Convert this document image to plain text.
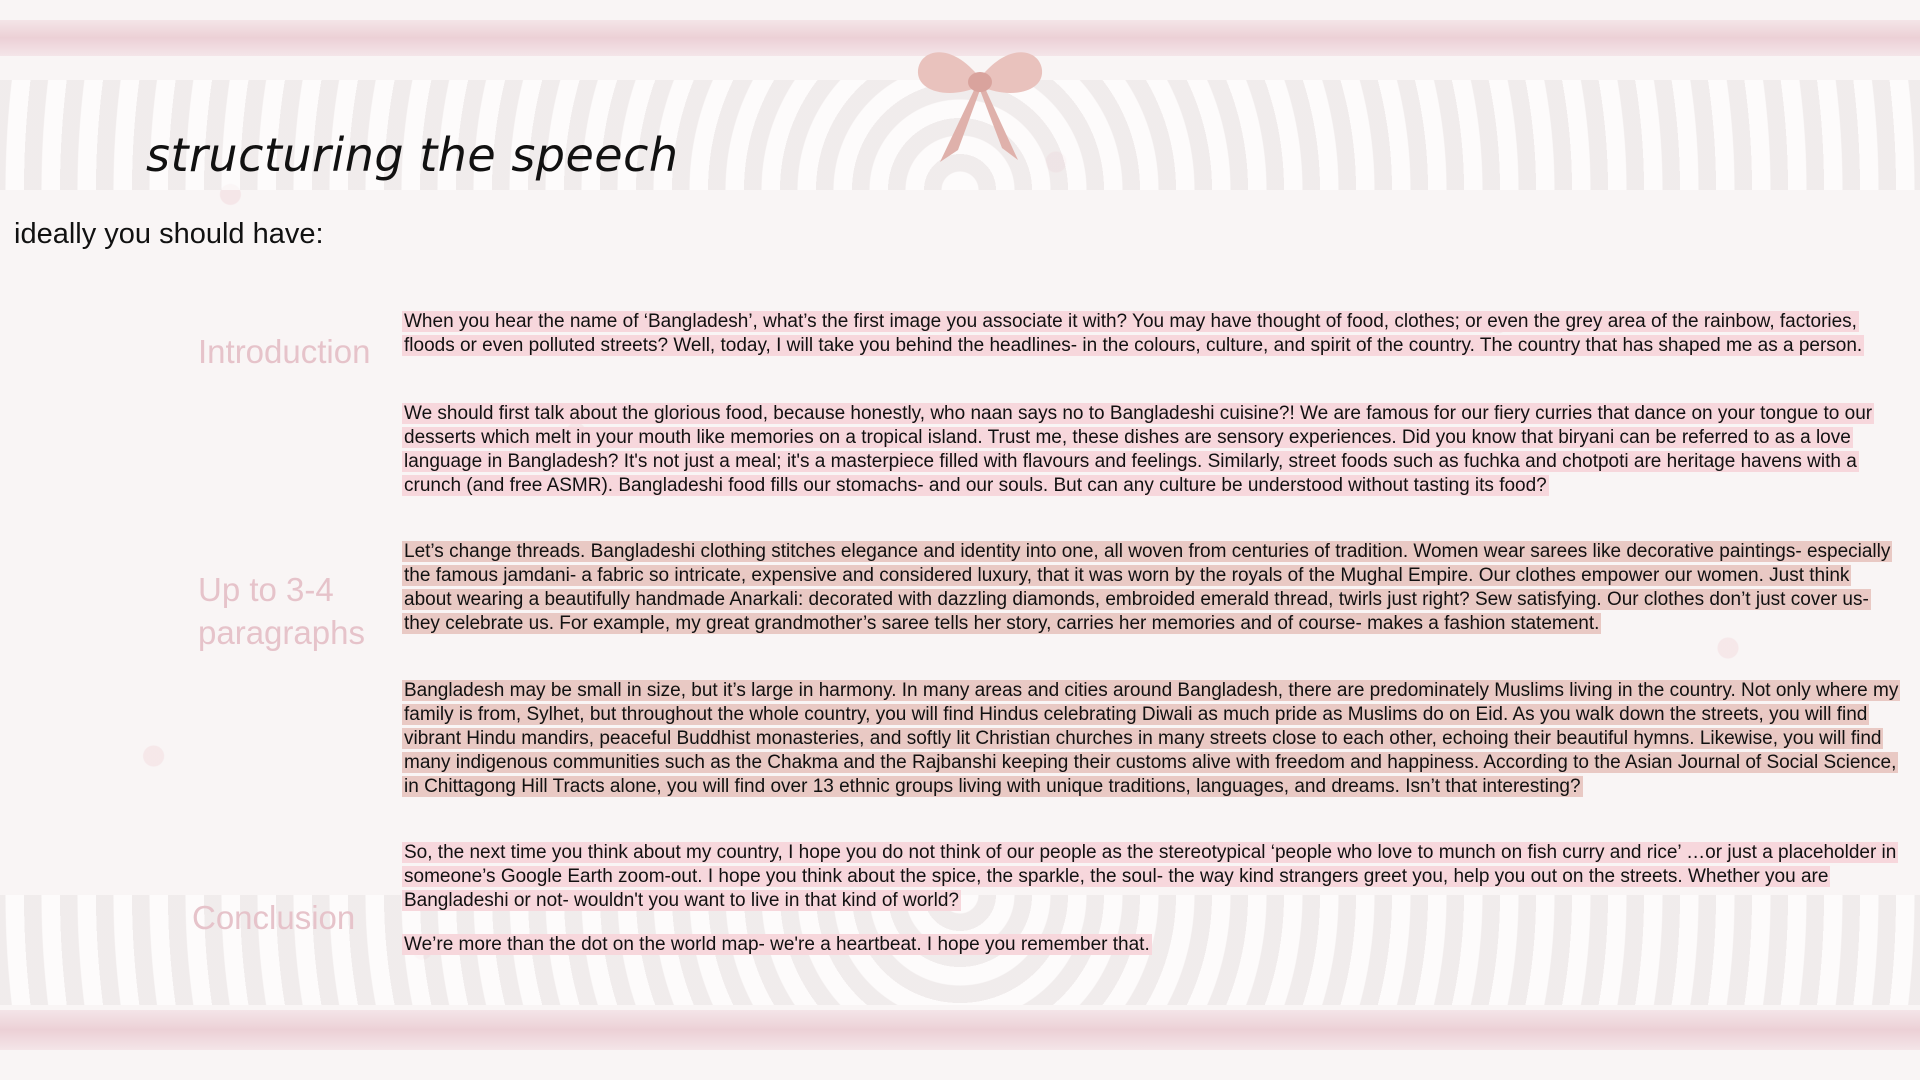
structuring the speech

ideally you should have:

Introduction

Up to 3-4 paragraphs

Conclusion

When you hear the name of ‘Bangladesh’, what’s the first image you associate it with? You may have thought of food, clothes; or even the grey area of the rainbow, factories, floods or even polluted streets? Well, today, I will take you behind the headlines- in the colours, culture, and spirit of the country. The country that has shaped me as a person.

We should first talk about the glorious food, because honestly, who naan says no to Bangladeshi cuisine?! We are famous for our fiery curries that dance on your tongue to our desserts which melt in your mouth like memories on a tropical island. Trust me, these dishes are sensory experiences. Did you know that biryani can be referred to as a love language in Bangladesh? It's not just a meal; it's a masterpiece filled with flavours and feelings. Similarly, street foods such as fuchka and chotpoti are heritage havens with a crunch (and free ASMR). Bangladeshi food fills our stomachs- and our souls. But can any culture be understood without tasting its food?

Let’s change threads. Bangladeshi clothing stitches elegance and identity into one, all woven from centuries of tradition. Women wear sarees like decorative paintings- especially the famous jamdani- a fabric so intricate, expensive and considered luxury, that it was worn by the royals of the Mughal Empire. Our clothes empower our women. Just think about wearing a beautifully handmade Anarkali: decorated with dazzling diamonds, embroided emerald thread, twirls just right? Sew satisfying. Our clothes don’t just cover us- they celebrate us. For example, my great grandmother’s saree tells her story, carries her memories and of course- makes a fashion statement.

Bangladesh may be small in size, but it’s large in harmony. In many areas and cities around Bangladesh, there are predominately Muslims living in the country. Not only where my family is from, Sylhet, but throughout the whole country, you will find Hindus celebrating Diwali as much pride as Muslims do on Eid. As you walk down the streets, you will find vibrant Hindu mandirs, peaceful Buddhist monasteries, and softly lit Christian churches in many streets close to each other, echoing their beautiful hymns. Likewise, you will find many indigenous communities such as the Chakma and the Rajbanshi keeping their customs alive with freedom and happiness. According to the Asian Journal of Social Science, in Chittagong Hill Tracts alone, you will find over 13 ethnic groups living with unique traditions, languages, and dreams. Isn’t that interesting?

So, the next time you think about my country, I hope you do not think of our people as the stereotypical ‘people who love to munch on fish curry and rice’ …or just a placeholder in someone’s Google Earth zoom-out. I hope you think about the spice, the sparkle, the soul- the way kind strangers greet you, help you out on the streets. Whether you are Bangladeshi or not- wouldn't you want to live in that kind of world?

We’re more than the dot on the world map- we're a heartbeat. I hope you remember that.
